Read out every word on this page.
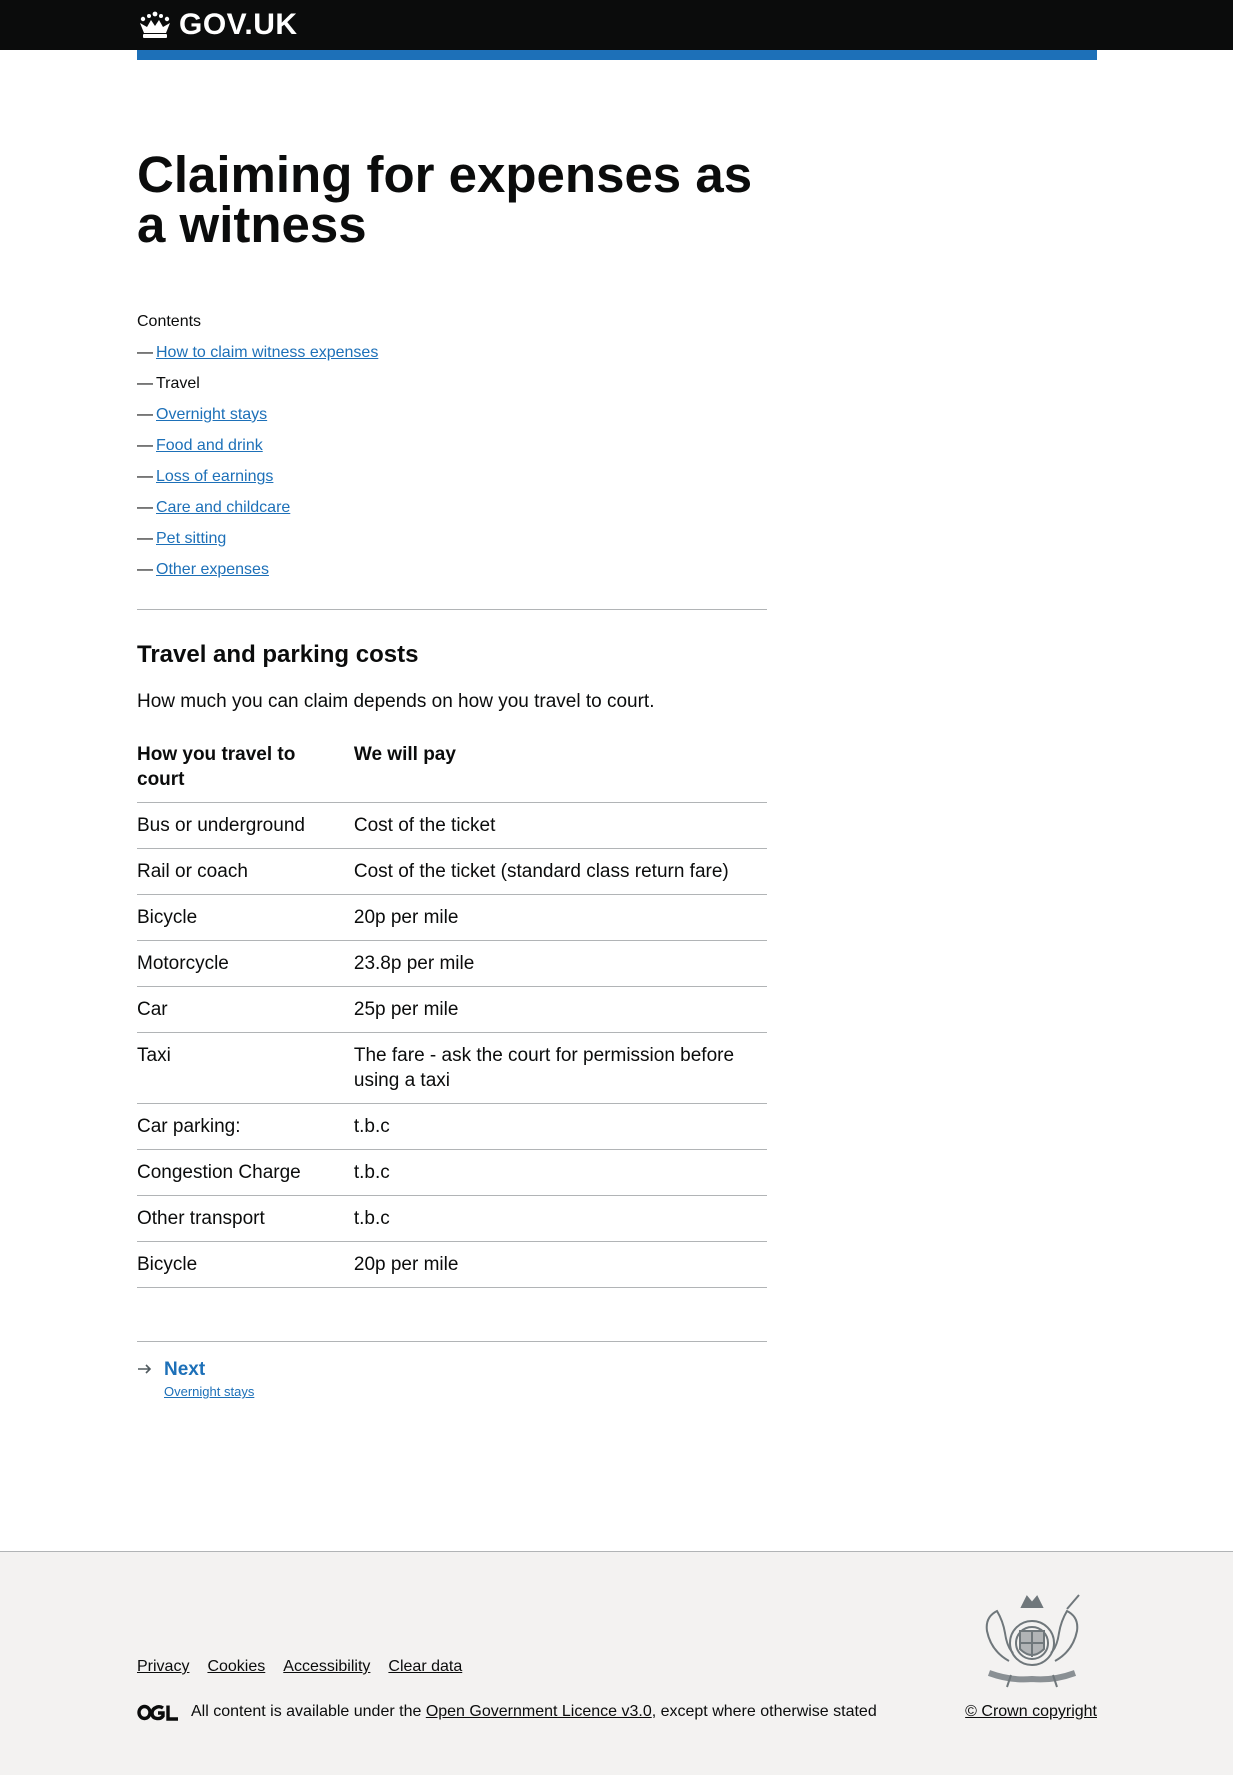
GOV.UK
Claiming for expenses as a witness

Contents

— How to claim witness expenses
— Travel
— Overnight stays
— Food and drink
— Loss of earnings
— Care and childcare
— Pet sitting
— Other expenses
Travel and parking costs

How much you can claim depends on how you travel to court.

How you travel to court	We will pay
Bus or underground	Cost of the ticket
Rail or coach	Cost of the ticket (standard class return fare)
Bicycle	20p per mile
Motorcycle	23.8p per mile
Car	25p per mile
Taxi	The fare - ask the court for permission before using a taxi
Car parking:	t.b.c
Congestion Charge	t.b.c
Other transport	t.b.c
Bicycle	20p per mile
Next
Overnight stays
Privacy Cookies Accessibility Clear data
All content is available under the Open Government Licence v3.0, except where otherwise stated	© Crown copyright
